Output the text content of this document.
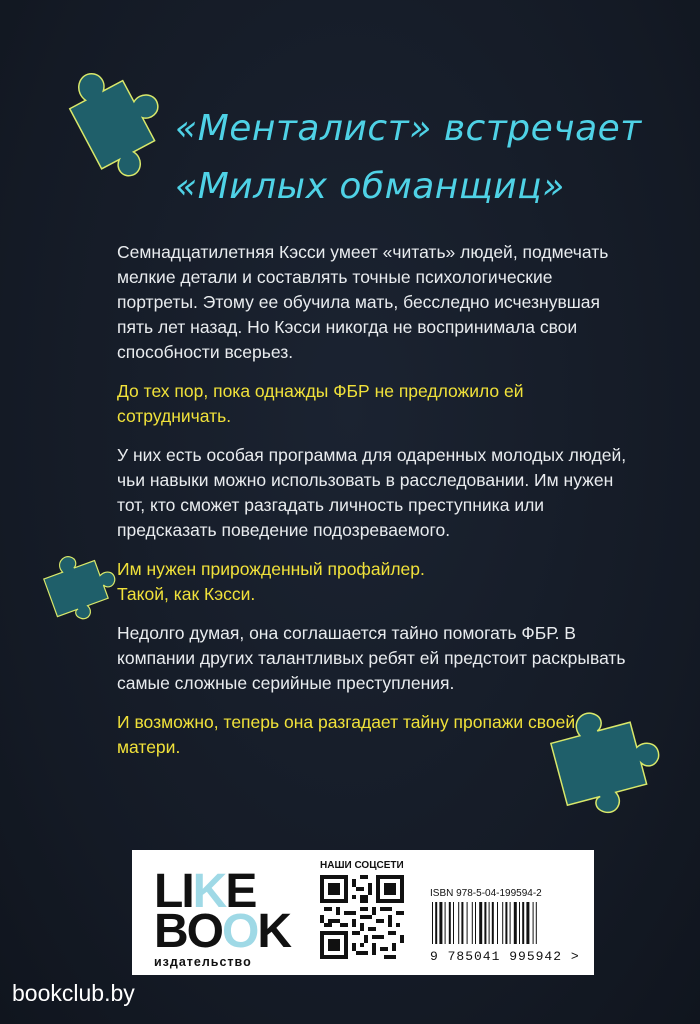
«Менталист» встречает
«Милых обманщиц»

Семнадцатилетняя Кэсси умеет «читать» людей, подмечать мелкие детали и составлять точные психологические портреты. Этому ее обучила мать, бесследно исчезнувшая пять лет назад. Но Кэсси никогда не воспринимала свои способности всерьез.

До тех пор, пока однажды ФБР не предложило ей сотрудничать.

У них есть особая программа для одаренных молодых людей, чьи навыки можно использовать в расследовании. Им нужен тот, кто сможет разгадать личность преступника или предсказать поведение подозреваемого.

Им нужен прирожденный профайлер.
Такой, как Кэсси.

Недолго думая, она соглашается тайно помогать ФБР. В компании других талантливых ребят ей предстоит раскрывать самые сложные серийные преступления.

И возможно, теперь она разгадает тайну пропажи своей матери.

LIKE
BOOK
издательство
НАШИ СОЦСЕТИ
ISBN 978-5-04-199594-2
9 785041 995942 >
bookclub.by
